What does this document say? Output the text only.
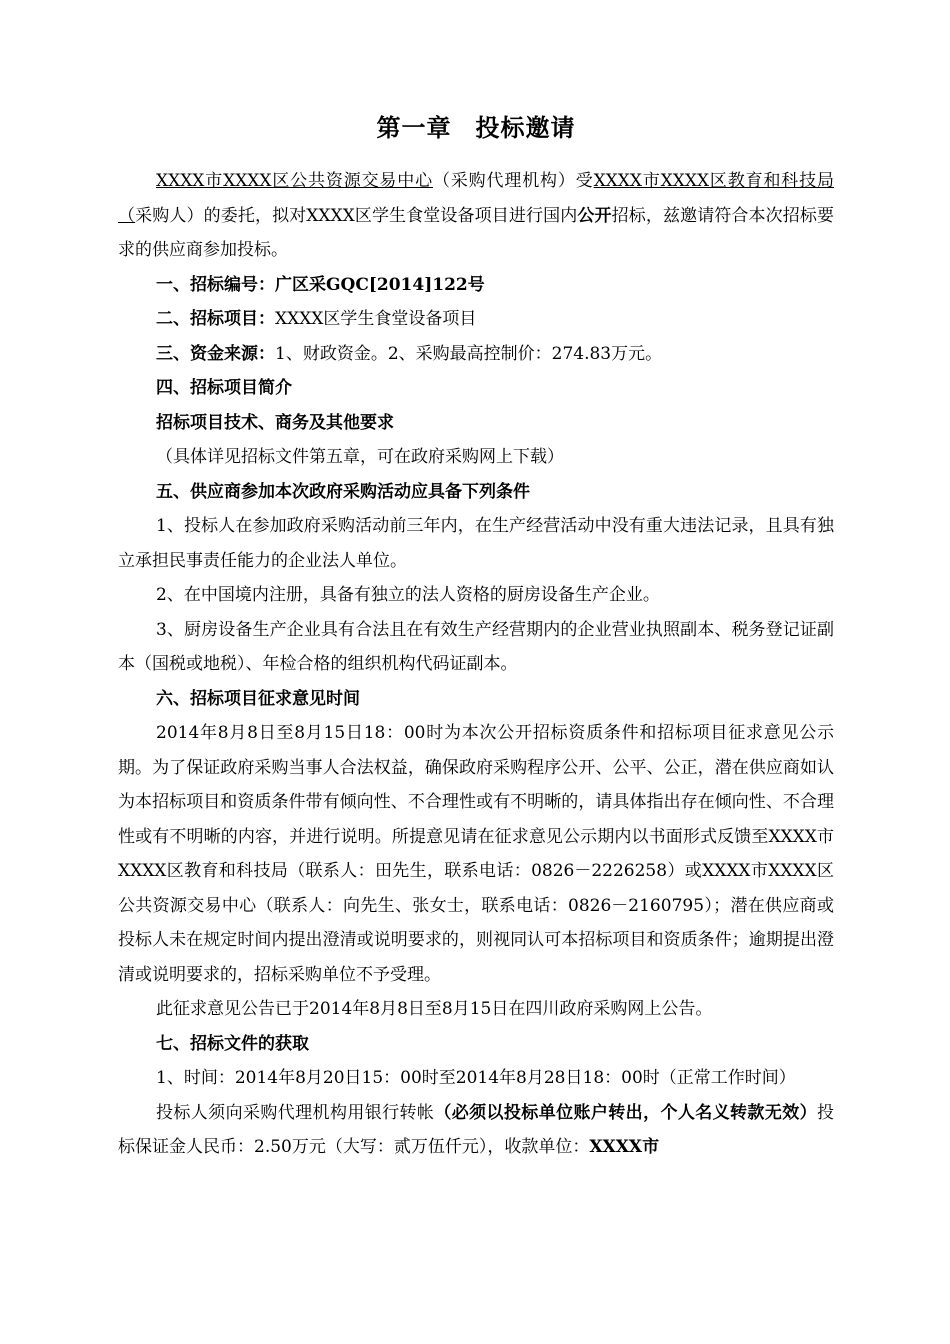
第一章 投标邀请

XXXX市XXXX区公共资源交易中心（采购代理机构）受XXXX市XXXX区教育和科技局（采购人）的委托，拟对XXXX区学生食堂设备项目进行国内公开招标，兹邀请符合本次招标要求的供应商参加投标。

一、招标编号：广区采GQC[2014]122号

二、招标项目：XXXX区学生食堂设备项目

三、资金来源：1、财政资金。2、采购最高控制价：274.83万元。

四、招标项目简介

招标项目技术、商务及其他要求

（具体详见招标文件第五章，可在政府采购网上下载）

五、供应商参加本次政府采购活动应具备下列条件

1、投标人在参加政府采购活动前三年内，在生产经营活动中没有重大违法记录，且具有独立承担民事责任能力的企业法人单位。

2、在中国境内注册，具备有独立的法人资格的厨房设备生产企业。

3、厨房设备生产企业具有合法且在有效生产经营期内的企业营业执照副本、税务登记证副本（国税或地税）、年检合格的组织机构代码证副本。

六、招标项目征求意见时间

2014年8月8日至8月15日18：00时为本次公开招标资质条件和招标项目征求意见公示期。为了保证政府采购当事人合法权益，确保政府采购程序公开、公平、公正，潜在供应商如认为本招标项目和资质条件带有倾向性、不合理性或有不明晰的，请具体指出存在倾向性、不合理性或有不明晰的内容，并进行说明。所提意见请在征求意见公示期内以书面形式反馈至XXXX市XXXX区教育和科技局（联系人：田先生，联系电话：0826－2226258）或XXXX市XXXX区公共资源交易中心（联系人：向先生、张女士，联系电话：0826－2160795）；潜在供应商或投标人未在规定时间内提出澄清或说明要求的，则视同认可本招标项目和资质条件；逾期提出澄清或说明要求的，招标采购单位不予受理。

此征求意见公告已于2014年8月8日至8月15日在四川政府采购网上公告。

七、招标文件的获取

1、时间：2014年8月20日15：00时至2014年8月28日18：00时（正常工作时间）

投标人须向采购代理机构用银行转帐（必须以投标单位账户转出，个人名义转款无效）投标保证金人民币：2.50万元（大写：贰万伍仟元），收款单位：XXXX市
